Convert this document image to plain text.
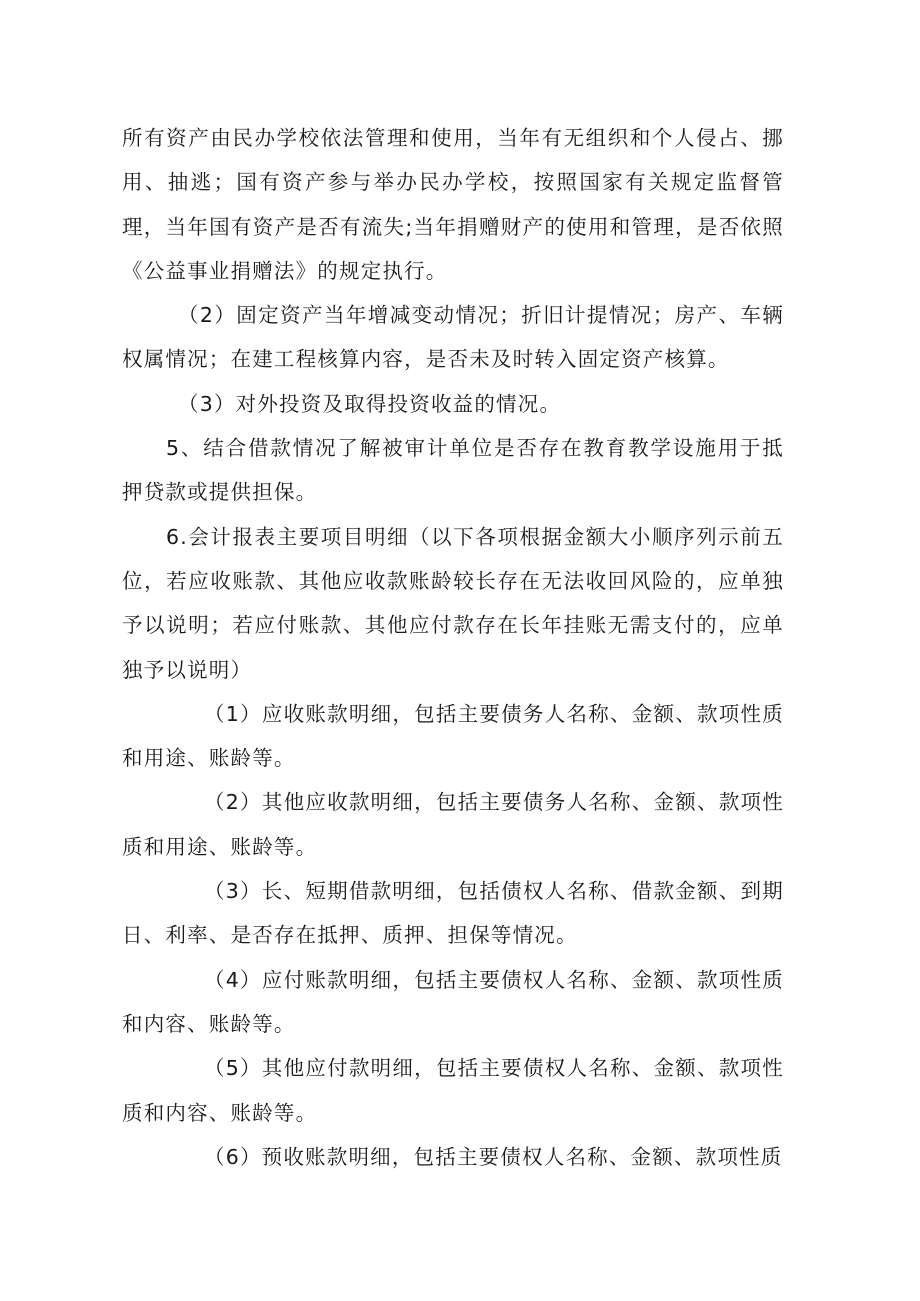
所有资产由民办学校依法管理和使用，当年有无组织和个人侵占、挪用、抽逃；国有资产参与举办民办学校，按照国家有关规定监督管理，当年国有资产是否有流失;当年捐赠财产的使用和管理，是否依照《公益事业捐赠法》的规定执行。

（2）固定资产当年增减变动情况；折旧计提情况；房产、车辆权属情况；在建工程核算内容，是否未及时转入固定资产核算。

（3）对外投资及取得投资收益的情况。

5、结合借款情况了解被审计单位是否存在教育教学设施用于抵押贷款或提供担保。

6.会计报表主要项目明细（以下各项根据金额大小顺序列示前五位，若应收账款、其他应收款账龄较长存在无法收回风险的，应单独予以说明；若应付账款、其他应付款存在长年挂账无需支付的，应单独予以说明）

（1）应收账款明细，包括主要债务人名称、金额、款项性质和用途、账龄等。

（2）其他应收款明细，包括主要债务人名称、金额、款项性质和用途、账龄等。

（3）长、短期借款明细，包括债权人名称、借款金额、到期日、利率、是否存在抵押、质押、担保等情况。

（4）应付账款明细，包括主要债权人名称、金额、款项性质和内容、账龄等。

（5）其他应付款明细，包括主要债权人名称、金额、款项性质和内容、账龄等。

（6）预收账款明细，包括主要债权人名称、金额、款项性质
